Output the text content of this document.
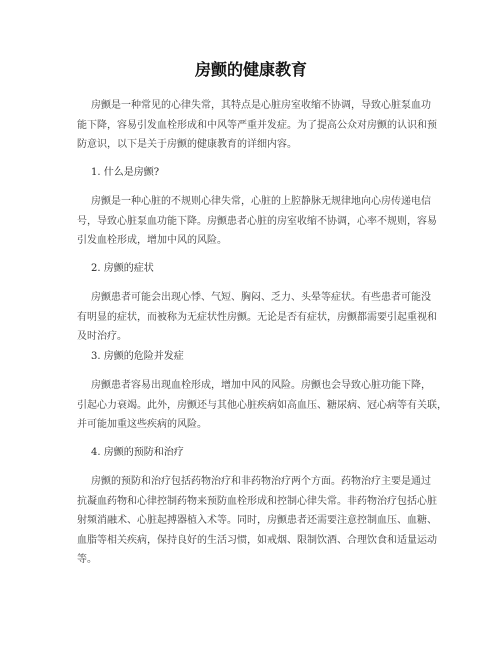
房颤的健康教育
房颤是一种常见的心律失常，其特点是心脏房室收缩不协调，导致心脏泵血功
能下降，容易引发血栓形成和中风等严重并发症。为了提高公众对房颤的认识和预
防意识，以下是关于房颤的健康教育的详细内容。
1. 什么是房颤?
房颤是一种心脏的不规则心律失常，心脏的上腔静脉无规律地向心房传递电信
号，导致心脏泵血功能下降。房颤患者心脏的房室收缩不协调，心率不规则，容易
引发血栓形成，增加中风的风险。
2. 房颤的症状
房颤患者可能会出现心悸、气短、胸闷、乏力、头晕等症状。有些患者可能没
有明显的症状，而被称为无症状性房颤。无论是否有症状，房颤都需要引起重视和
及时治疗。
3. 房颤的危险并发症
房颤患者容易出现血栓形成，增加中风的风险。房颤也会导致心脏功能下降，
引起心力衰竭。此外，房颤还与其他心脏疾病如高血压、糖尿病、冠心病等有关联，
并可能加重这些疾病的风险。
4. 房颤的预防和治疗
房颤的预防和治疗包括药物治疗和非药物治疗两个方面。药物治疗主要是通过
抗凝血药物和心律控制药物来预防血栓形成和控制心律失常。非药物治疗包括心脏
射频消融术、心脏起搏器植入术等。同时，房颤患者还需要注意控制血压、血糖、
血脂等相关疾病，保持良好的生活习惯，如戒烟、限制饮酒、合理饮食和适量运动
等。
